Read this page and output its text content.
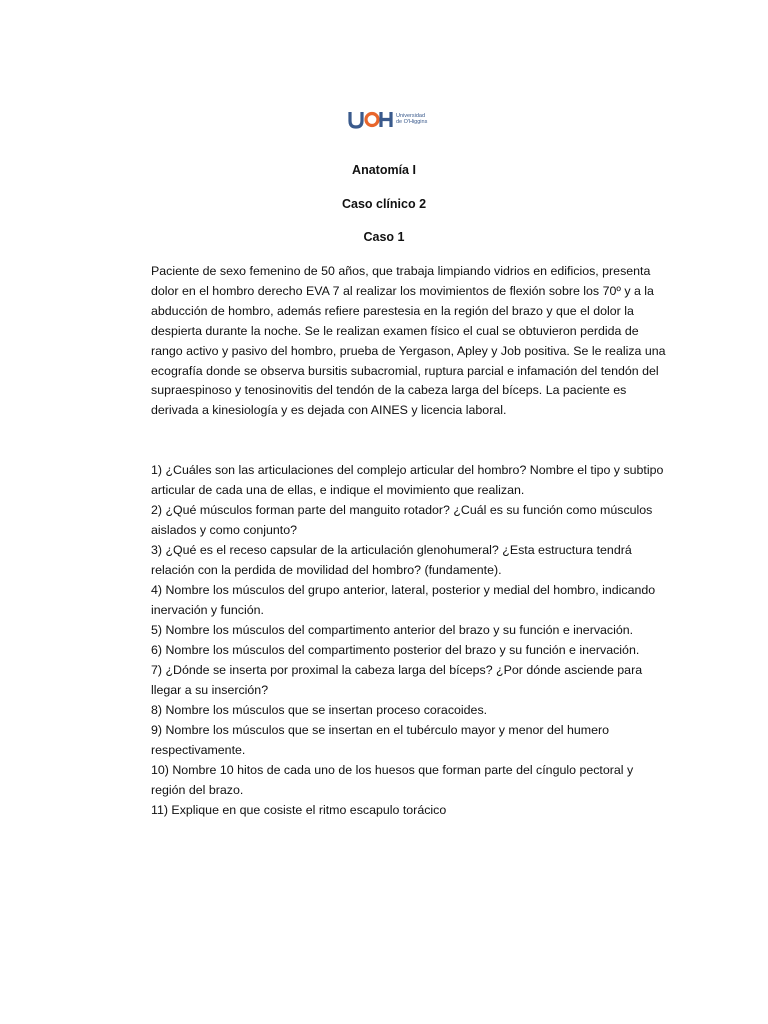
Universidad
de O'Higgins
Anatomía I
Caso clínico 2
Caso 1

Paciente de sexo femenino de 50 años, que trabaja limpiando vidrios en edificios, presenta dolor en el hombro derecho EVA 7 al realizar los movimientos de flexión sobre los 70º y a la abducción de hombro, además refiere parestesia en la región del brazo y que el dolor la despierta durante la noche. Se le realizan examen físico el cual se obtuvieron perdida de rango activo y pasivo del hombro, prueba de Yergason, Apley y Job positiva. Se le realiza una ecografía donde se observa bursitis subacromial, ruptura parcial e infamación del tendón del supraespinoso y tenosinovitis del tendón de la cabeza larga del bíceps. La paciente es derivada a kinesiología y es dejada con AINES y licencia laboral.

1) ¿Cuáles son las articulaciones del complejo articular del hombro? Nombre el tipo y subtipo articular de cada una de ellas, e indique el movimiento que realizan.
2) ¿Qué músculos forman parte del manguito rotador? ¿Cuál es su función como músculos aislados y como conjunto?
3) ¿Qué es el receso capsular de la articulación glenohumeral? ¿Esta estructura tendrá relación con la perdida de movilidad del hombro? (fundamente).
4) Nombre los músculos del grupo anterior, lateral, posterior y medial del hombro, indicando inervación y función.
5) Nombre los músculos del compartimento anterior del brazo y su función e inervación.
6) Nombre los músculos del compartimento posterior del brazo y su función e inervación.
7) ¿Dónde se inserta por proximal la cabeza larga del bíceps? ¿Por dónde asciende para llegar a su inserción?
8) Nombre los músculos que se insertan proceso coracoides.
9) Nombre los músculos que se insertan en el tubérculo mayor y menor del humero respectivamente.
10) Nombre 10 hitos de cada uno de los huesos que forman parte del cíngulo pectoral y región del brazo.
11) Explique en que cosiste el ritmo escapulo torácico
